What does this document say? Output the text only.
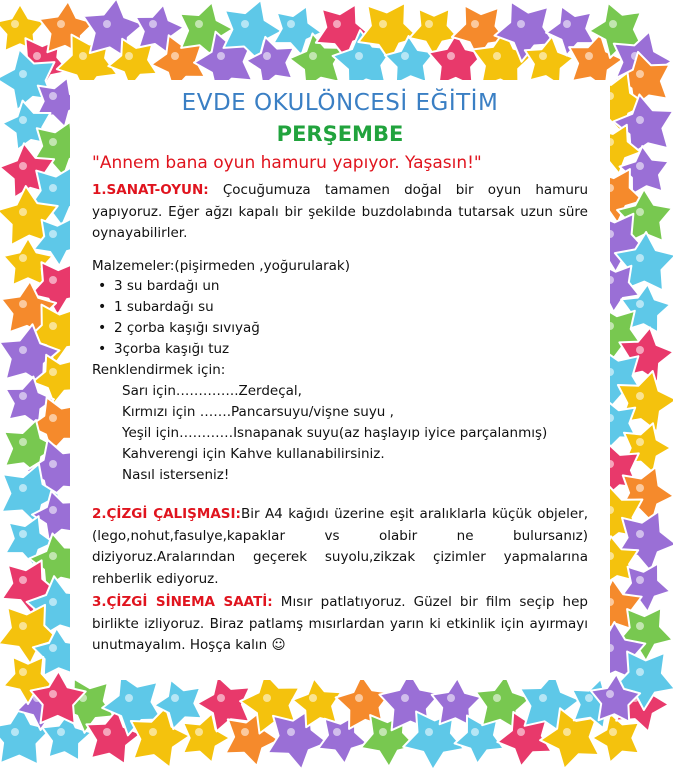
EVDE OKULÖNCESİ EĞİTİM
PERŞEMBE
"Annem bana oyun hamuru yapıyor. Yaşasın!"
1.SANAT-OYUN: Çocuğumuza tamamen doğal bir oyun hamuru yapıyoruz. Eğer ağzı kapalı bir şekilde buzdolabında tutarsak uzun süre oynayabilirler.
Malzemeler:(pişirmeden ,yoğurularak)
• 3 su bardağı un
• 1 subardağı su
• 2 çorba kaşığı sıvıyağ
• 3çorba kaşığı tuz
Renklendirmek için:
Sarı için…………..Zerdeçal,
Kırmızı için …….Pancarsuyu/vişne suyu ,
Yeşil için…………Isnapanak suyu(az haşlayıp iyice parçalanmış)
Kahverengi için Kahve kullanabilirsiniz.
Nasıl isterseniz!
2.ÇİZGİ ÇALIŞMASI:Bir A4 kağıdı üzerine eşit aralıklarla küçük objeler,(lego,nohut,fasulye,kapaklar vs olabir ne bulursanız) diziyoruz.Aralarından geçerek suyolu,zikzak çizimler yapmalarına rehberlik ediyoruz.
3.ÇİZGİ SİNEMA SAATİ: Mısır patlatıyoruz. Güzel bir film seçip hep birlikte izliyoruz. Biraz patlamş mısırlardan yarın ki etkinlik için ayırmayı unutmayalım. Hoşça kalın ☺
